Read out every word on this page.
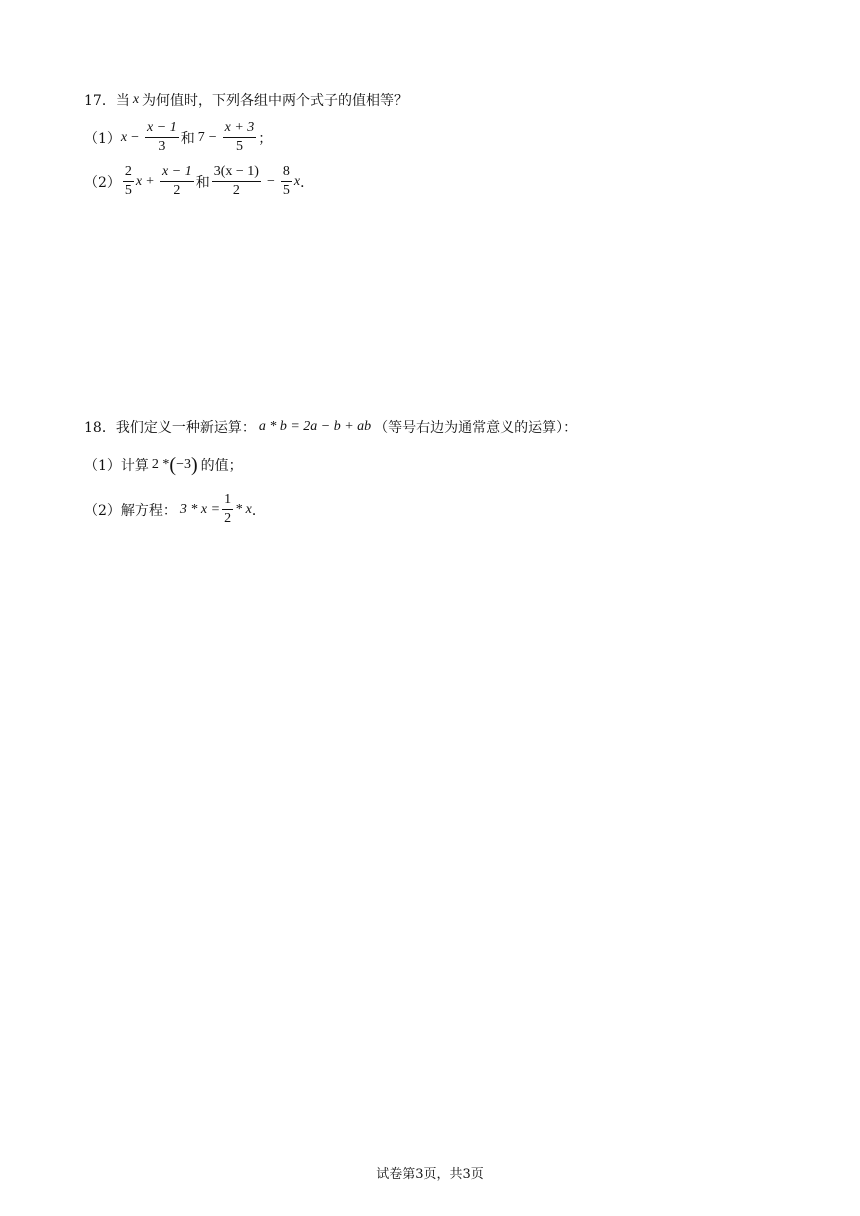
17． 当 x 为何值时，下列各组中两个式子的值相等？
（1） $x - \frac{x - 1}{3}$ 和 $7 - \frac{x + 3}{5}$ ；
$(2) \frac{2}{5}$ $x + \frac{x - 1}{2}$ 和 $\frac{3(x - 1)}{2} - \frac{8}{5}$ x ．
18． 我们定义一种新运算： a * b = 2a − b + ab （等号右边为通常意义的运算）：
（1）计算 2 * ( −3 ) 的值；
（2）解方程： $3 * x = \frac{1}{2} * x$ ．
试卷第3页，共3页
